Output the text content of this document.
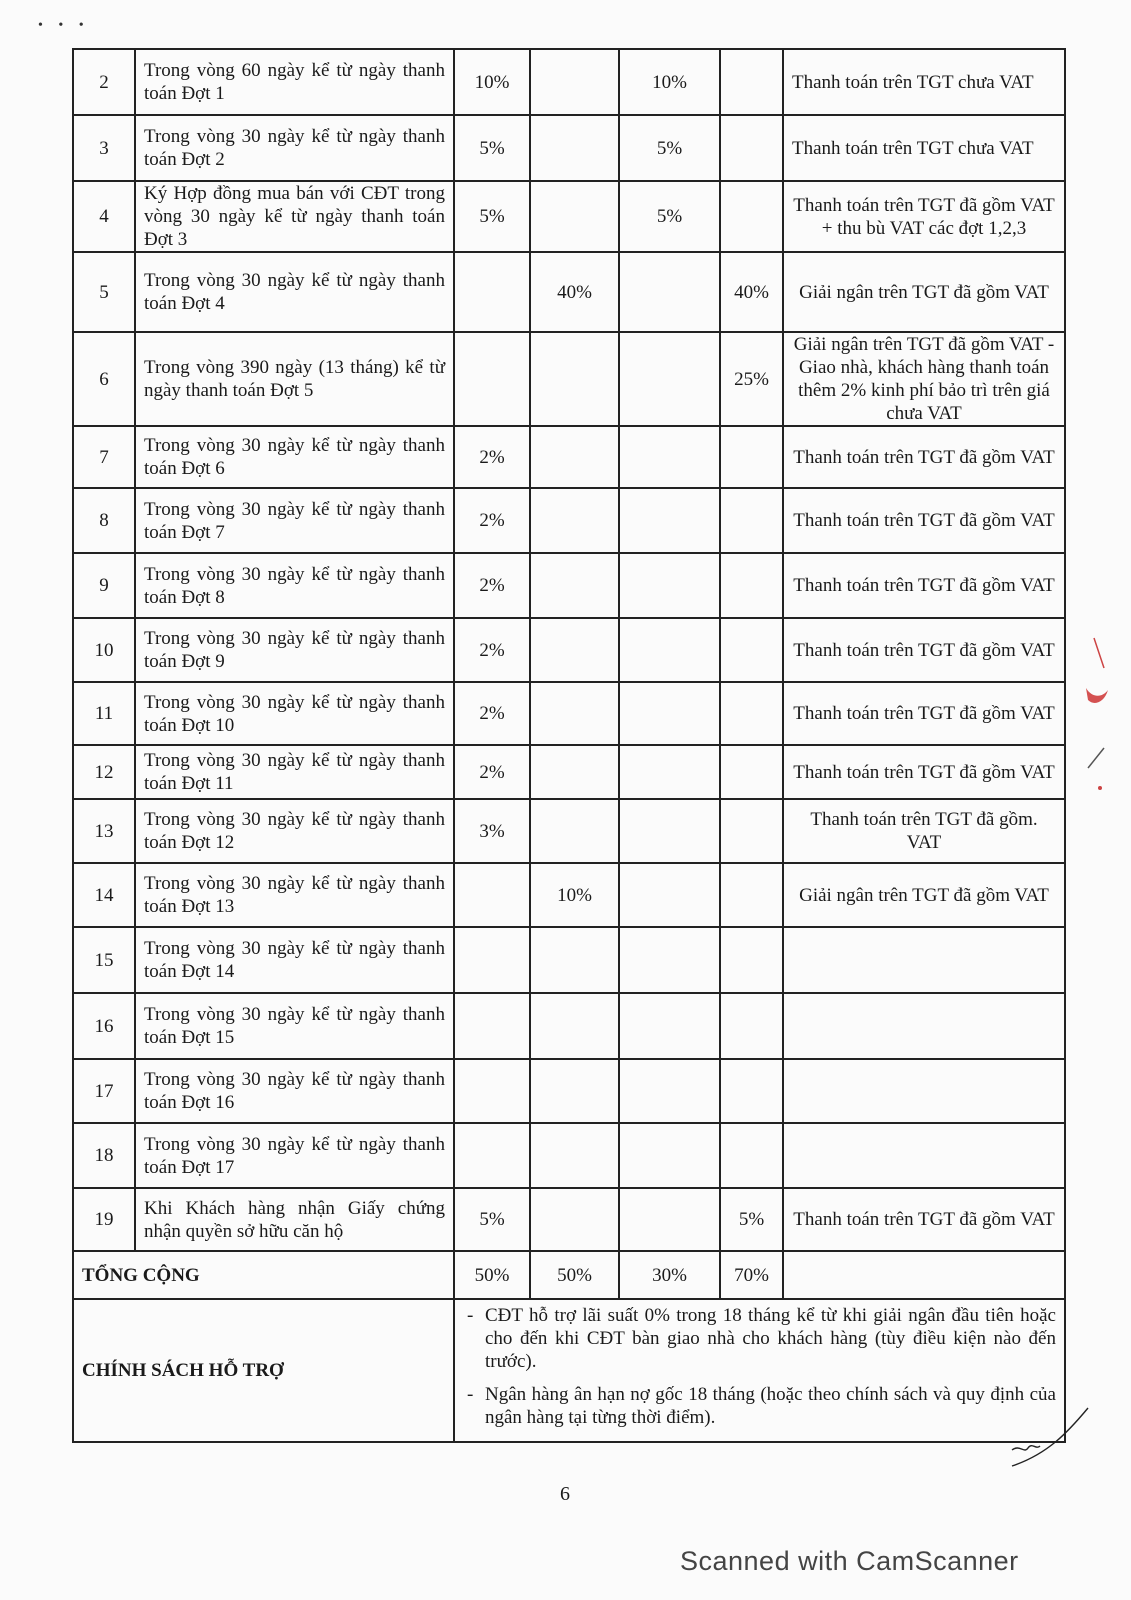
• • •
2	Trong vòng 60 ngày kể từ ngày thanh toán Đợt 1	10%		10%		Thanh toán trên TGT chưa VAT
3	Trong vòng 30 ngày kể từ ngày thanh toán Đợt 2	5%		5%		Thanh toán trên TGT chưa VAT
4	Ký Hợp đồng mua bán với CĐT trong vòng 30 ngày kể từ ngày thanh toán Đợt 3	5%		5%		Thanh toán trên TGT đã gồm VAT + thu bù VAT các đợt 1,2,3
5	Trong vòng 30 ngày kể từ ngày thanh toán Đợt 4		40%		40%	Giải ngân trên TGT đã gồm VAT
6	Trong vòng 390 ngày (13 tháng) kể từ ngày thanh toán Đợt 5				25%	Giải ngân trên TGT đã gồm VAT - Giao nhà, khách hàng thanh toán thêm 2% kinh phí bảo trì trên giá chưa VAT
7	Trong vòng 30 ngày kể từ ngày thanh toán Đợt 6	2%				Thanh toán trên TGT đã gồm VAT
8	Trong vòng 30 ngày kể từ ngày thanh toán Đợt 7	2%				Thanh toán trên TGT đã gồm VAT
9	Trong vòng 30 ngày kể từ ngày thanh toán Đợt 8	2%				Thanh toán trên TGT đã gồm VAT
10	Trong vòng 30 ngày kể từ ngày thanh toán Đợt 9	2%				Thanh toán trên TGT đã gồm VAT
11	Trong vòng 30 ngày kể từ ngày thanh toán Đợt 10	2%				Thanh toán trên TGT đã gồm VAT
12	Trong vòng 30 ngày kể từ ngày thanh toán Đợt 11	2%				Thanh toán trên TGT đã gồm VAT
13	Trong vòng 30 ngày kể từ ngày thanh toán Đợt 12	3%				Thanh toán trên TGT đã gồm. VAT
14	Trong vòng 30 ngày kể từ ngày thanh toán Đợt 13		10%			Giải ngân trên TGT đã gồm VAT
15	Trong vòng 30 ngày kể từ ngày thanh toán Đợt 14					
16	Trong vòng 30 ngày kể từ ngày thanh toán Đợt 15					
17	Trong vòng 30 ngày kể từ ngày thanh toán Đợt 16					
18	Trong vòng 30 ngày kể từ ngày thanh toán Đợt 17					
19	Khi Khách hàng nhận Giấy chứng nhận quyền sở hữu căn hộ	5%			5%	Thanh toán trên TGT đã gồm VAT
TỔNG CỘNG		50%	50%	30%	70%	
CHÍNH SÁCH HỖ TRỢ		- CĐT hỗ trợ lãi suất 0% trong 18 tháng kể từ khi giải ngân đầu tiên hoặc cho đến khi CĐT bàn giao nhà cho khách hàng (tùy điều kiện nào đến trước).
- Ngân hàng ân hạn nợ gốc 18 tháng (hoặc theo chính sách và quy định của ngân hàng tại từng thời điểm).				
6
Scanned with CamScanner
